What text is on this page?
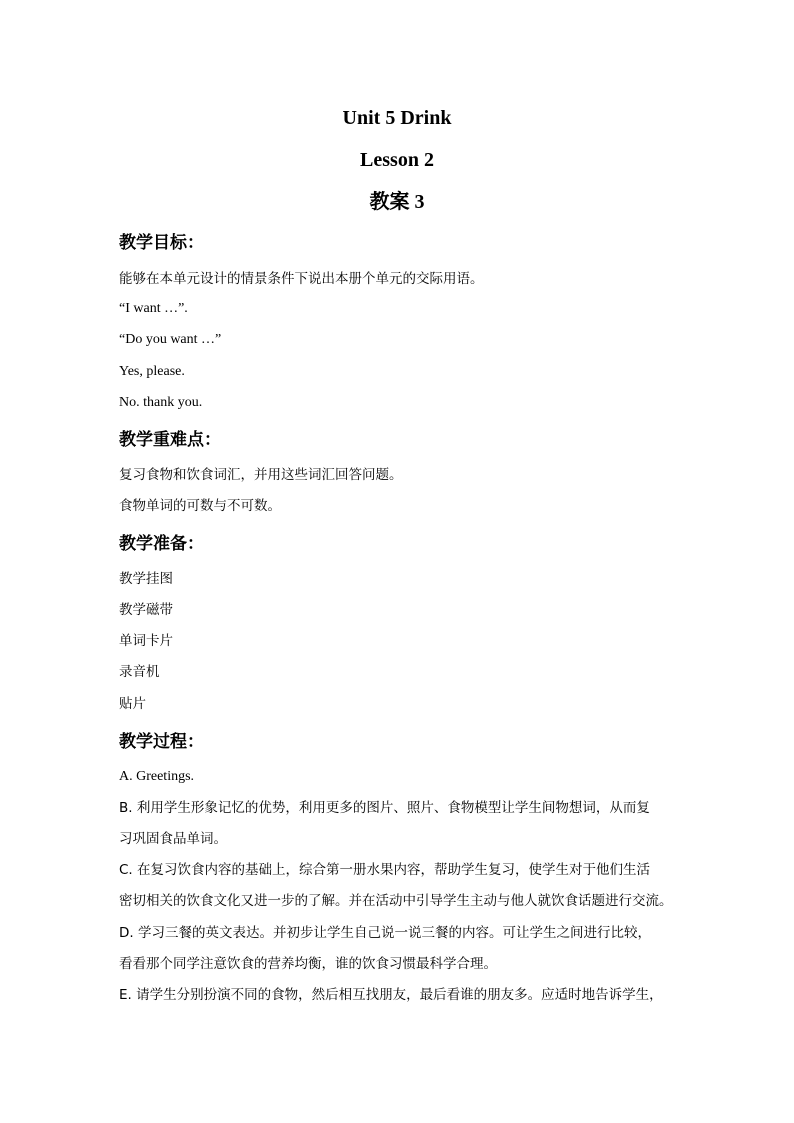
Unit 5 Drink
Lesson 2
教案 3
教学目标：
能够在本单元设计的情景条件下说出本册个单元的交际用语。
“I want …”.
“Do you want …”
Yes, please.
No. thank you.
教学重难点：
复习食物和饮食词汇，并用这些词汇回答问题。
食物单词的可数与不可数。
教学准备：
教学挂图
教学磁带
单词卡片
录音机
贴片
教学过程：
A. Greetings.
B. 利用学生形象记忆的优势，利用更多的图片、照片、食物模型让学生间物想词，从而复
习巩固食品单词。
C. 在复习饮食内容的基础上，综合第一册水果内容，帮助学生复习，使学生对于他们生活
密切相关的饮食文化又进一步的了解。并在活动中引导学生主动与他人就饮食话题进行交流。
D. 学习三餐的英文表达。并初步让学生自己说一说三餐的内容。可让学生之间进行比较，
看看那个同学注意饮食的营养均衡，谁的饮食习惯最科学合理。
E. 请学生分别扮演不同的食物，然后相互找朋友，最后看谁的朋友多。应适时地告诉学生，
